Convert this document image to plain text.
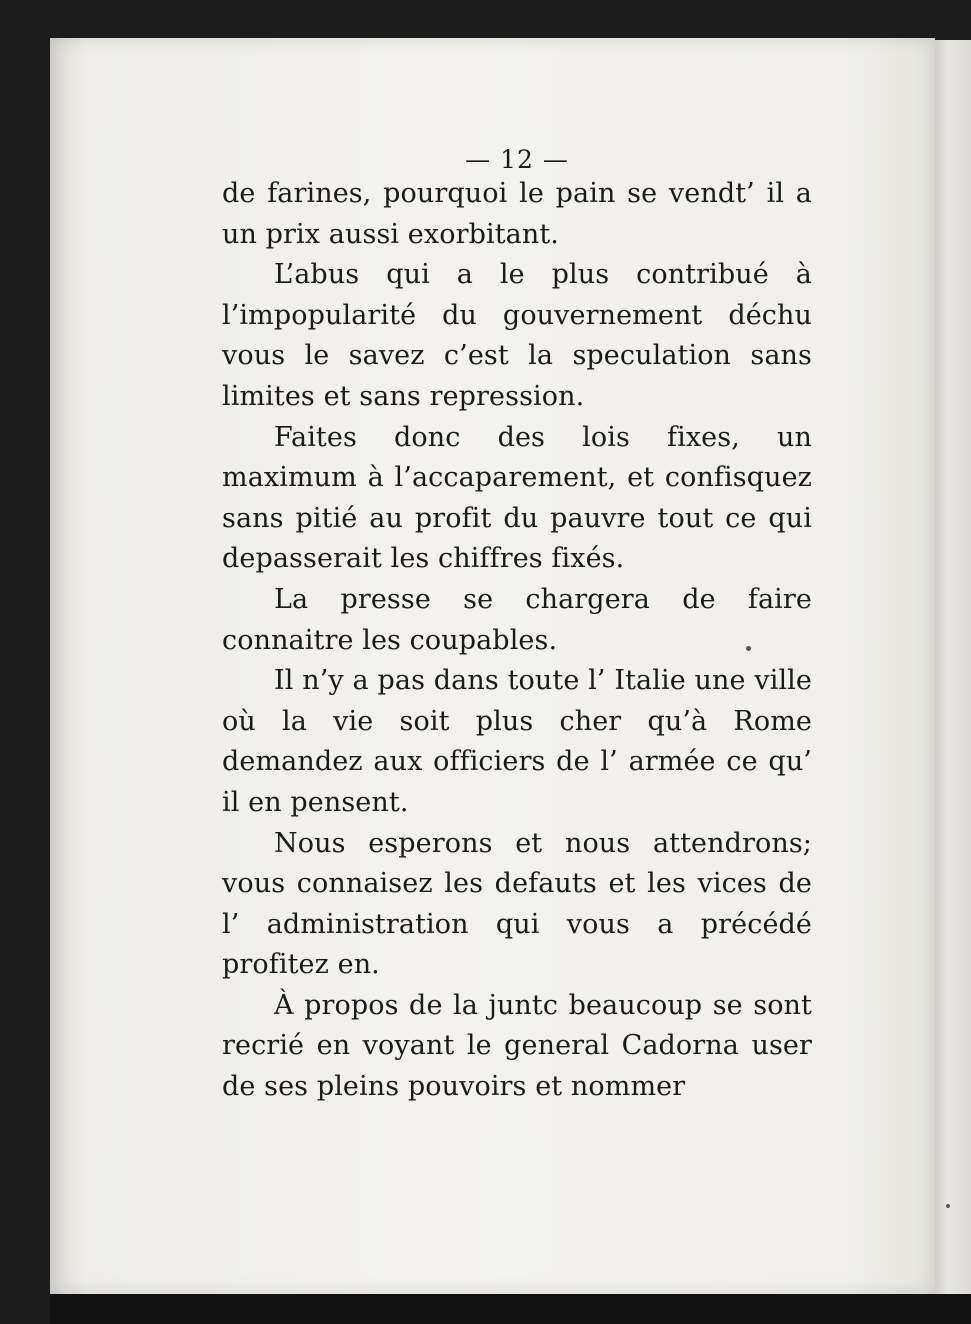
— 12 —

de farines, pourquoi le pain se vendt’ il a un prix aussi exorbitant.

L’abus qui a le plus contribué à l’impopularité du gouvernement déchu vous le savez c’est la speculation sans limites et sans repression.

Faites donc des lois fixes, un maximum à l’accaparement, et confisquez sans pitié au profit du pauvre tout ce qui depasserait les chiffres fixés.

La presse se chargera de faire connaitre les coupables.

Il n’y a pas dans toute l’ Italie une ville où la vie soit plus cher qu’à Rome demandez aux officiers de l’ armée ce qu’ il en pensent.

Nous esperons et nous attendrons; vous connaisez les defauts et les vices de l’ administration qui vous a précédé profitez en.

À propos de la juntc beaucoup se sont recrié en voyant le general Cadorna user de ses pleins pouvoirs et nommer
